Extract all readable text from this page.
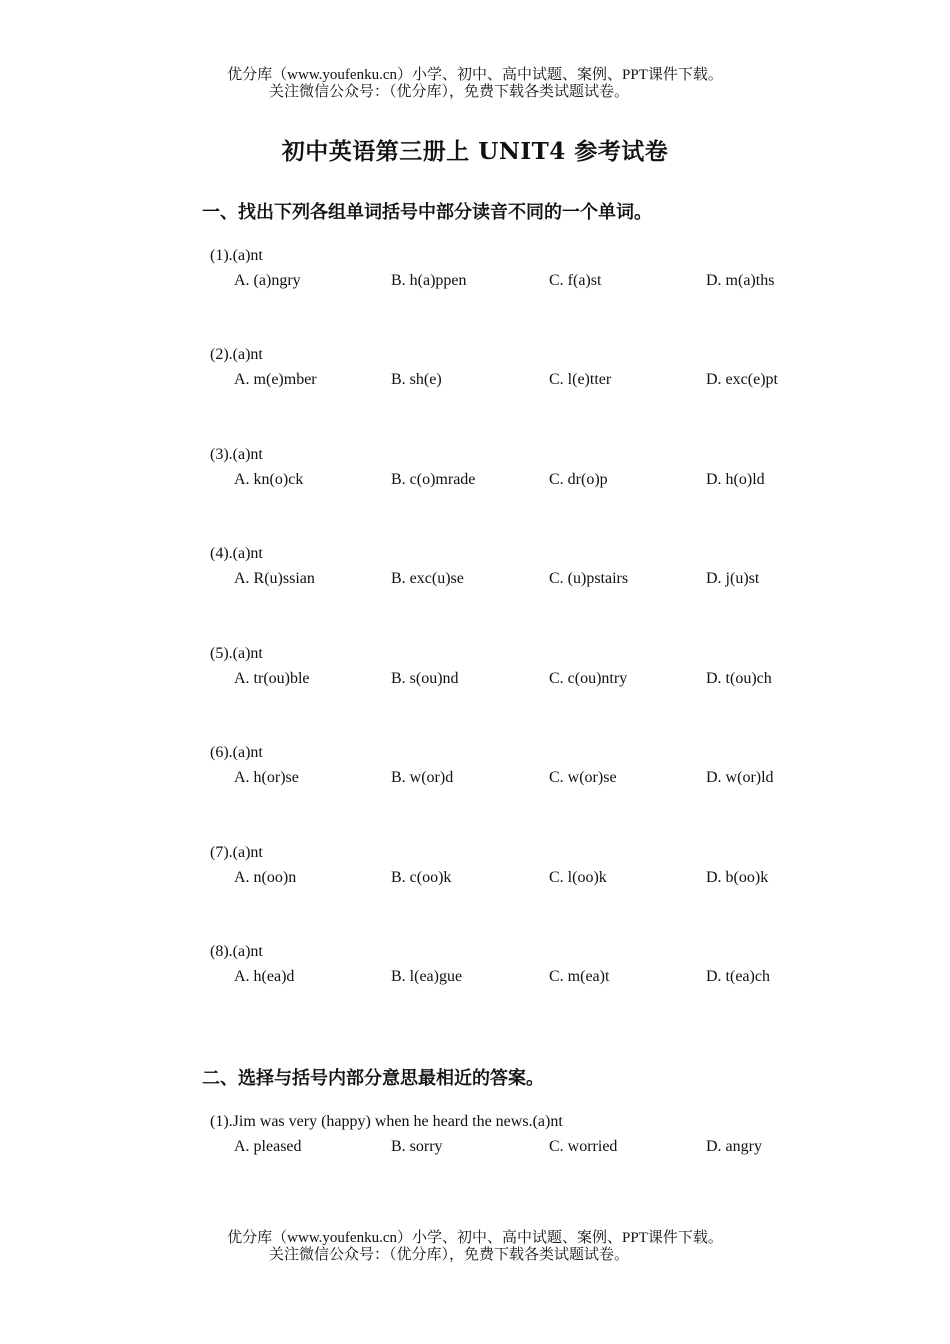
优分库（www.youfenku.cn）小学、初中、高中试题、案例、PPT课件下载。
关注微信公众号：（优分库），免费下载各类试题试卷。
初中英语第三册上 UNIT4 参考试卷
一、找出下列各组单词括号中部分读音不同的一个单词。
(1).(a)nt
A. (a)ngry	B. h(a)ppen	C. f(a)st	D. m(a)ths
(2).(a)nt
A. m(e)mber	B. sh(e)	C. l(e)tter	D. exc(e)pt
(3).(a)nt
A. kn(o)ck	B. c(o)mrade	C. dr(o)p	D. h(o)ld
(4).(a)nt
A. R(u)ssian	B. exc(u)se	C. (u)pstairs	D. j(u)st
(5).(a)nt
A. tr(ou)ble	B. s(ou)nd	C. c(ou)ntry	D. t(ou)ch
(6).(a)nt
A. h(or)se	B. w(or)d	C. w(or)se	D. w(or)ld
(7).(a)nt
A. n(oo)n	B. c(oo)k	C. l(oo)k	D. b(oo)k
(8).(a)nt
A. h(ea)d	B. l(ea)gue	C. m(ea)t	D. t(ea)ch
二、选择与括号内部分意思最相近的答案。
(1).Jim was very (happy) when he heard the news.(a)nt
A. pleased	B. sorry	C. worried	D. angry
优分库（www.youfenku.cn）小学、初中、高中试题、案例、PPT课件下载。
关注微信公众号：（优分库），免费下载各类试题试卷。
